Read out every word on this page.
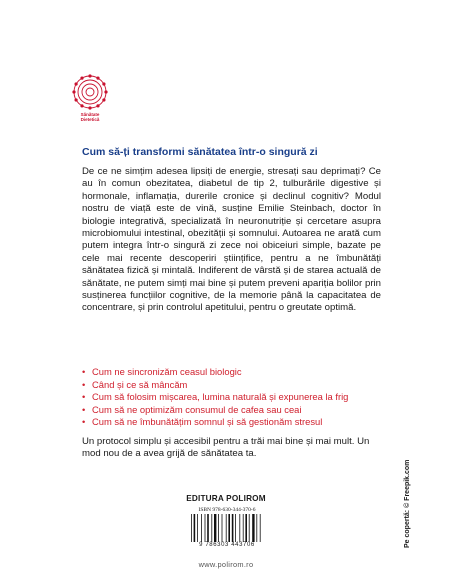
Sănătate
Dietetică
Cum să-ți transformi sănătatea într-o singură zi

De ce ne simțim adesea lipsiți de energie, stresați sau deprimați? Ce au în comun obezitatea, diabetul de tip 2, tulburările digestive și hormonale, inflamația, durerile cronice și declinul cognitiv? Modul nostru de viață este de vină, susține Emilie Steinbach, doctor în biologie integrativă, specializată în neuronutriție și cercetare asupra microbiomului intestinal, obezității și somnului. Autoarea ne arată cum putem integra într-o singură zi zece noi obiceiuri simple, bazate pe cele mai recente descoperiri științifice, pentru a ne îmbunătăți sănătatea fizică și mintală. Indiferent de vârstă și de starea actuală de sănătate, ne putem simți mai bine și putem preveni apariția bolilor prin susținerea funcțiilor cognitive, de la memorie până la capacitatea de concentrare, și prin controlul apetitului, pentru o greutate optimă.

• Cum ne sincronizăm ceasul biologic
• Când și ce să mâncăm
• Cum să folosim mișcarea, lumina naturală și expunerea la frig
• Cum să ne optimizăm consumul de cafea sau ceai
• Cum să ne îmbunătățim somnul și să gestionăm stresul

Un protocol simplu și accesibil pentru a trăi mai bine și mai mult. Un mod nou de a avea grijă de sănătatea ta.

EDITURA POLIROM
ISBN 978-630-344-370-6
9 786303 443706
www.polirom.ro
Pe copertă: © Freepik.com
